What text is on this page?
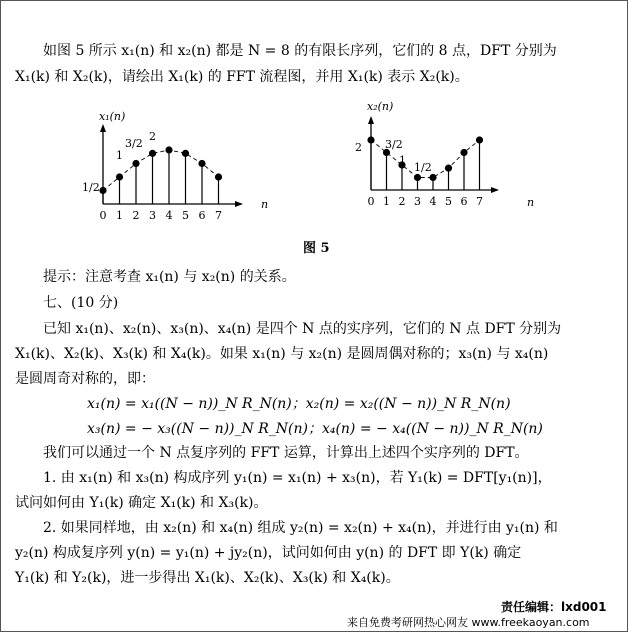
如图 5 所示 x₁(n) 和 x₂(n) 都是 N = 8 的有限长序列，它们的 8 点，DFT 分别为
X₁(k) 和 X₂(k)，请绘出 X₁(k) 的 FFT 流程图，并用 X₁(k) 表示 X₂(k)。
x₁(n)
1/2
1
3/2
2
0 1 2 3 4 5 6 7
n
x₂(n)
2 3/2
1
1/2
0 1 2 3 4 5 6 7	n
图 5
提示：注意考查 x₁(n) 与 x₂(n) 的关系。
七、(10 分)
已知 x₁(n)、x₂(n)、x₃(n)、x₄(n) 是四个 N 点的实序列，它们的 N 点 DFT 分别为
X₁(k)、X₂(k)、X₃(k) 和 X₄(k)。如果 x₁(n) 与 x₂(n) 是圆周偶对称的；x₃(n) 与 x₄(n)
是圆周奇对称的，即：
x₁(n) = x₁((N − n))_N R_N(n)；x₂(n) = x₂((N − n))_N R_N(n)
x₃(n) = − x₃((N − n))_N R_N(n)；x₄(n) = − x₄((N − n))_N R_N(n)
我们可以通过一个 N 点复序列的 FFT 运算，计算出上述四个实序列的 DFT。
1. 由 x₁(n) 和 x₃(n) 构成序列 y₁(n) = x₁(n) + x₃(n)，若 Y₁(k) = DFT[y₁(n)]，
试问如何由 Y₁(k) 确定 X₁(k) 和 X₃(k)。
2. 如果同样地，由 x₂(n) 和 x₄(n) 组成 y₂(n) = x₂(n) + x₄(n)，并进行由 y₁(n) 和
y₂(n) 构成复序列 y(n) = y₁(n) + jy₂(n)，试问如何由 y(n) 的 DFT 即 Y(k) 确定
Y₁(k) 和 Y₂(k)，进一步得出 X₁(k)、X₂(k)、X₃(k) 和 X₄(k)。
责任编辑：lxd001
来自免费考研网热心网友 www.freekaoyan.com
